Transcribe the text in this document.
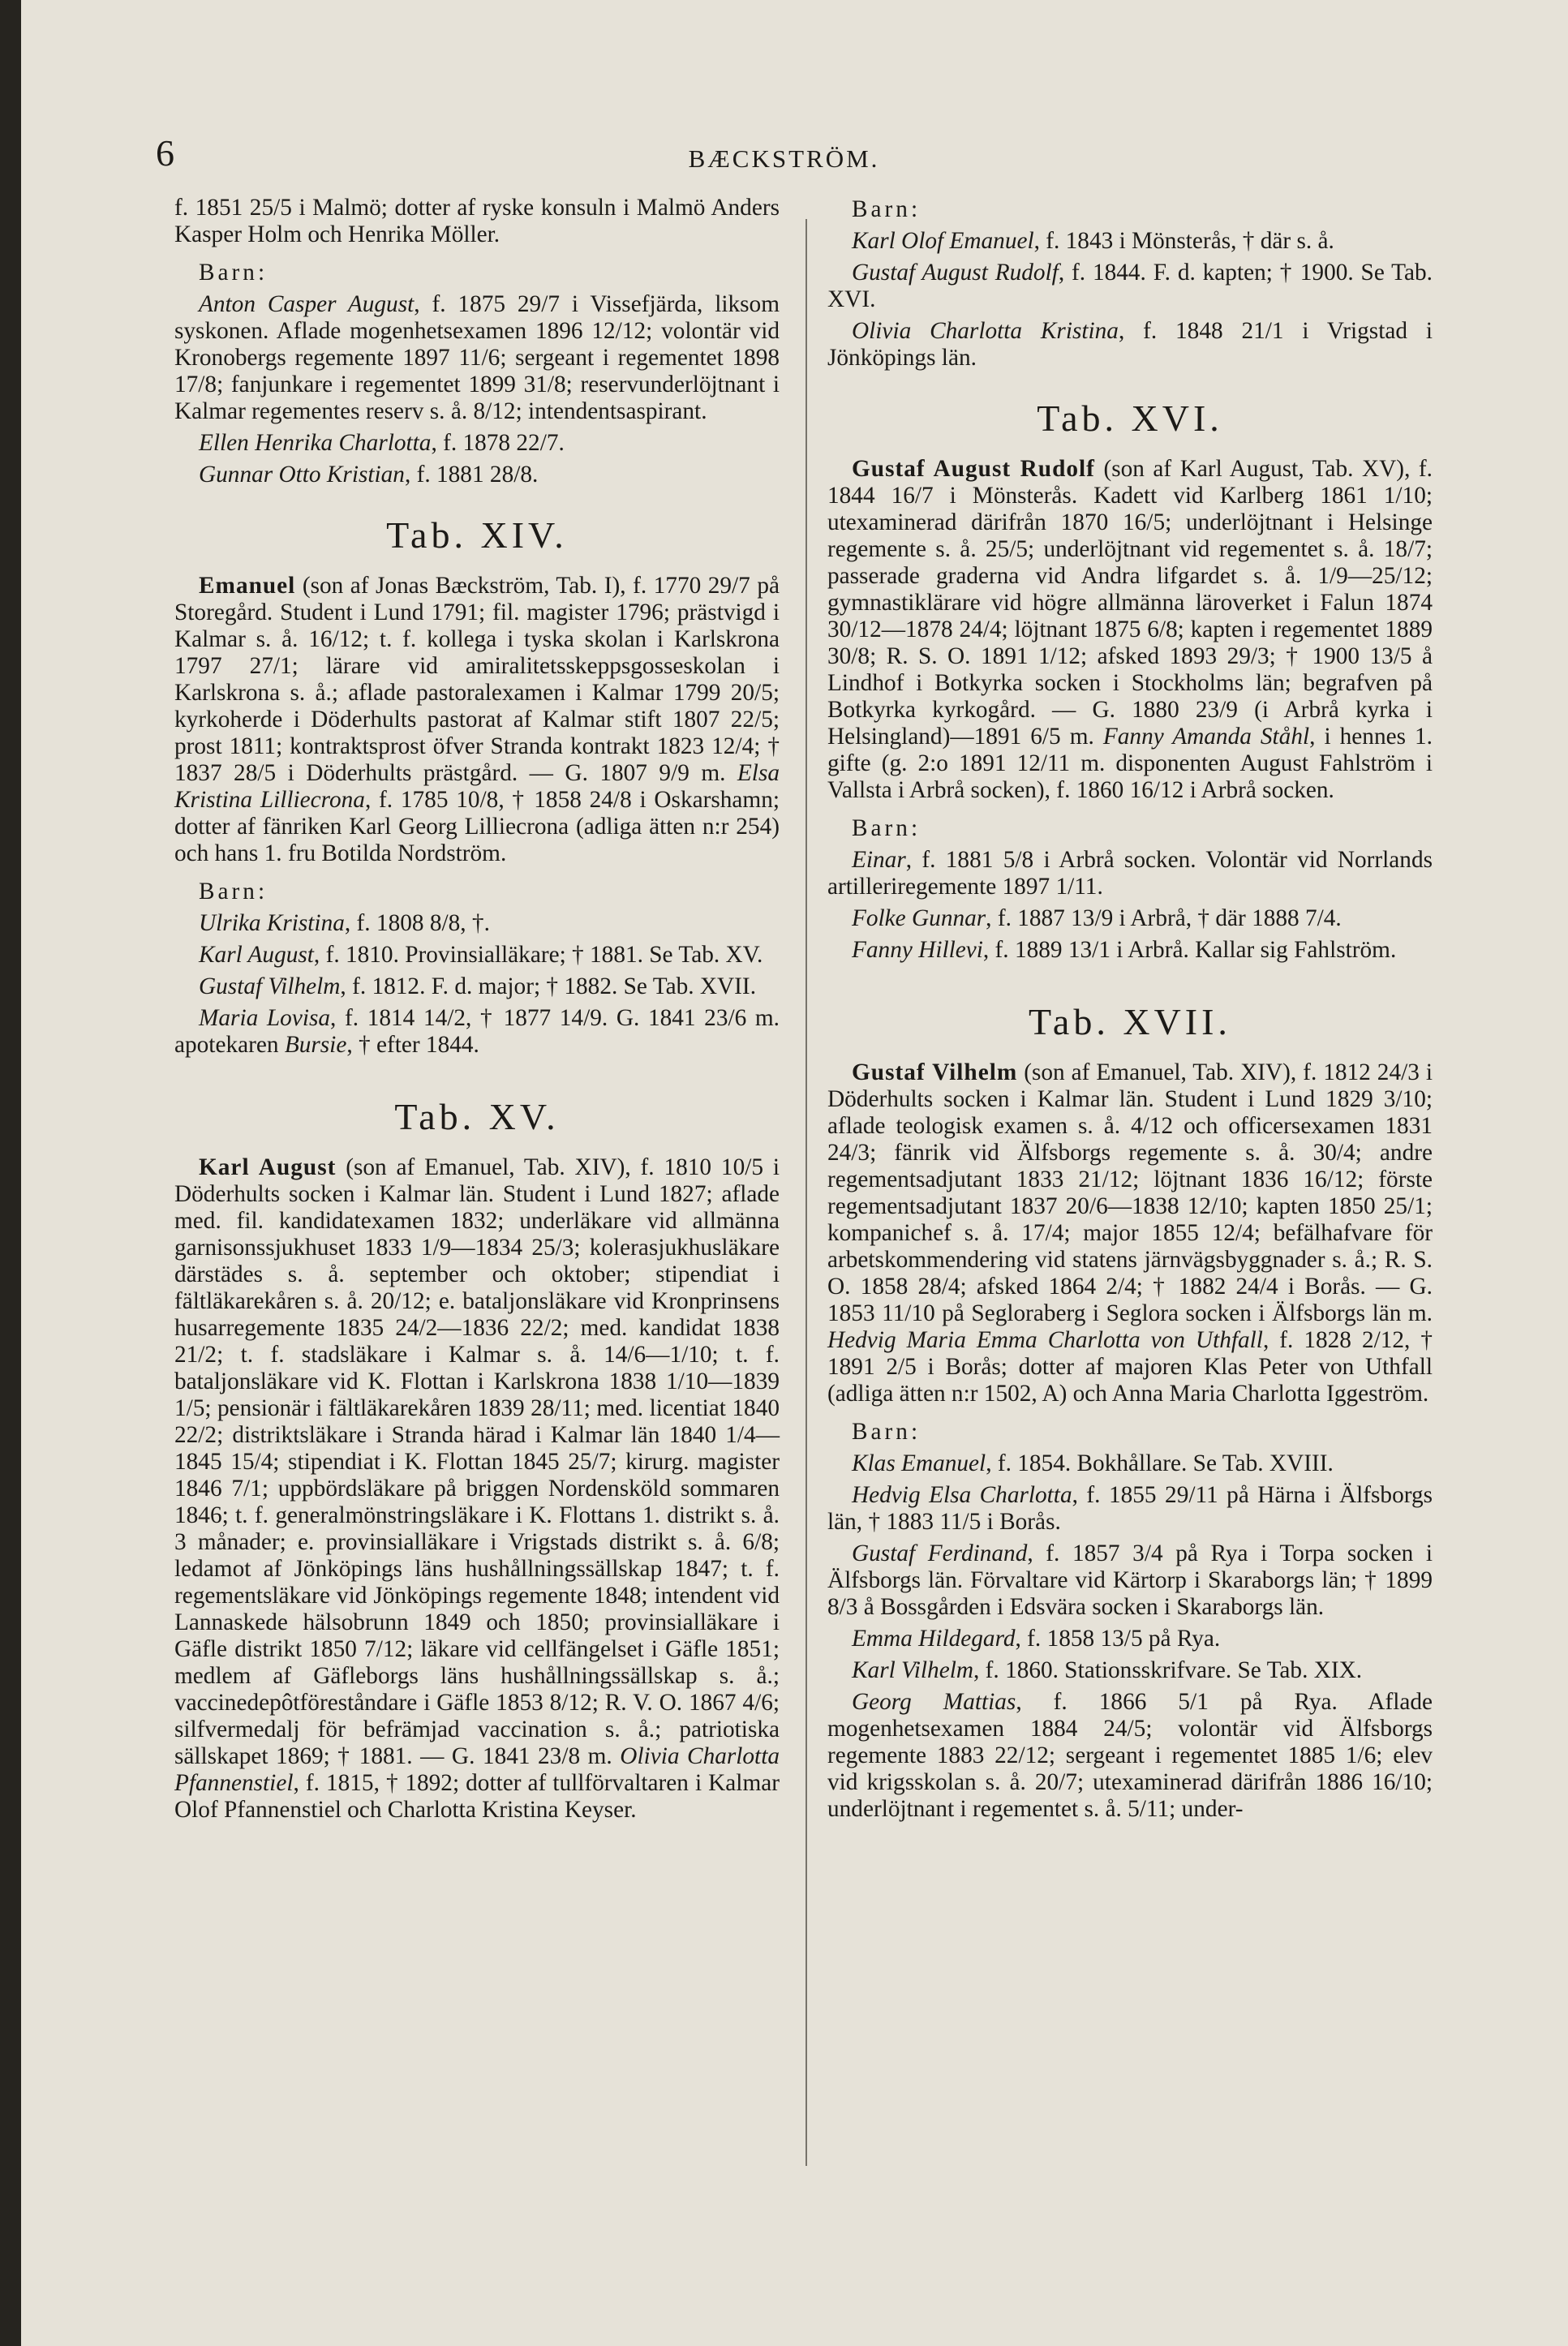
6	BÆCKSTRÖM.

f. 1851 25/5 i Malmö; dotter af ryske konsuln i Malmö Anders Kasper Holm och Henrika Möller.

Barn:

Anton Casper August, f. 1875 29/7 i Vissefjärda, liksom syskonen. Aflade mogenhetsexamen 1896 12/12; volontär vid Kronobergs regemente 1897 11/6; sergeant i regementet 1898 17/8; fanjunkare i regementet 1899 31/8; reservunderlöjtnant i Kalmar regementes reserv s. å. 8/12; intendentsaspirant.

Ellen Henrika Charlotta, f. 1878 22/7.

Gunnar Otto Kristian, f. 1881 28/8.

Tab. XIV.

Emanuel (son af Jonas Bæckström, Tab. I), f. 1770 29/7 på Storegård. Student i Lund 1791; fil. magister 1796; prästvigd i Kalmar s. å. 16/12; t. f. kollega i tyska skolan i Karlskrona 1797 27/1; lärare vid amiralitetsskeppsgosseskolan i Karlskrona s. å.; aflade pastoralexamen i Kalmar 1799 20/5; kyrkoherde i Döderhults pastorat af Kalmar stift 1807 22/5; prost 1811; kontraktsprost öfver Stranda kontrakt 1823 12/4; † 1837 28/5 i Döderhults prästgård. — G. 1807 9/9 m. Elsa Kristina Lilliecrona, f. 1785 10/8, † 1858 24/8 i Oskarshamn; dotter af fänriken Karl Georg Lilliecrona (adliga ätten n:r 254) och hans 1. fru Botilda Nordström.

Barn:

Ulrika Kristina, f. 1808 8/8, †.

Karl August, f. 1810. Provinsialläkare; † 1881. Se Tab. XV.

Gustaf Vilhelm, f. 1812. F. d. major; † 1882. Se Tab. XVII.

Maria Lovisa, f. 1814 14/2, † 1877 14/9. G. 1841 23/6 m. apotekaren Bursie, † efter 1844.

Tab. XV.

Karl August (son af Emanuel, Tab. XIV), f. 1810 10/5 i Döderhults socken i Kalmar län. Student i Lund 1827; aflade med. fil. kandidatexamen 1832; underläkare vid allmänna garnisonssjukhuset 1833 1/9—1834 25/3; kolerasjukhusläkare därstädes s. å. september och oktober; stipendiat i fältläkarekåren s. å. 20/12; e. bataljonsläkare vid Kronprinsens husarregemente 1835 24/2—1836 22/2; med. kandidat 1838 21/2; t. f. stadsläkare i Kalmar s. å. 14/6—1/10; t. f. bataljonsläkare vid K. Flottan i Karlskrona 1838 1/10—1839 1/5; pensionär i fältläkarekåren 1839 28/11; med. licentiat 1840 22/2; distriktsläkare i Stranda härad i Kalmar län 1840 1/4—1845 15/4; stipendiat i K. Flottan 1845 25/7; kirurg. magister 1846 7/1; uppbördsläkare på briggen Nordensköld sommaren 1846; t. f. generalmönstringsläkare i K. Flottans 1. distrikt s. å. 3 månader; e. provinsialläkare i Vrigstads distrikt s. å. 6/8; ledamot af Jönköpings läns hushållningssällskap 1847; t. f. regementsläkare vid Jönköpings regemente 1848; intendent vid Lannaskede hälsobrunn 1849 och 1850; provinsialläkare i Gäfle distrikt 1850 7/12; läkare vid cellfängelset i Gäfle 1851; medlem af Gäfleborgs läns hushållningssällskap s. å.; vaccinedepôtföreståndare i Gäfle 1853 8/12; R. V. O. 1867 4/6; silfvermedalj för befrämjad vaccination s. å.; patriotiska sällskapet 1869; † 1881. — G. 1841 23/8 m. Olivia Charlotta Pfannenstiel, f. 1815, † 1892; dotter af tullförvaltaren i Kalmar Olof Pfannenstiel och Charlotta Kristina Keyser.

Barn:

Karl Olof Emanuel, f. 1843 i Mönsterås, † där s. å.

Gustaf August Rudolf, f. 1844. F. d. kapten; † 1900. Se Tab. XVI.

Olivia Charlotta Kristina, f. 1848 21/1 i Vrigstad i Jönköpings län.

Tab. XVI.

Gustaf August Rudolf (son af Karl August, Tab. XV), f. 1844 16/7 i Mönsterås. Kadett vid Karlberg 1861 1/10; utexaminerad därifrån 1870 16/5; underlöjtnant i Helsinge regemente s. å. 25/5; underlöjtnant vid regementet s. å. 18/7; passerade graderna vid Andra lifgardet s. å. 1/9—25/12; gymnastiklärare vid högre allmänna läroverket i Falun 1874 30/12—1878 24/4; löjtnant 1875 6/8; kapten i regementet 1889 30/8; R. S. O. 1891 1/12; afsked 1893 29/3; † 1900 13/5 å Lindhof i Botkyrka socken i Stockholms län; begrafven på Botkyrka kyrkogård. — G. 1880 23/9 (i Arbrå kyrka i Helsingland)—1891 6/5 m. Fanny Amanda Ståhl, i hennes 1. gifte (g. 2:o 1891 12/11 m. disponenten August Fahlström i Vallsta i Arbrå socken), f. 1860 16/12 i Arbrå socken.

Barn:

Einar, f. 1881 5/8 i Arbrå socken. Volontär vid Norrlands artilleriregemente 1897 1/11.

Folke Gunnar, f. 1887 13/9 i Arbrå, † där 1888 7/4.

Fanny Hillevi, f. 1889 13/1 i Arbrå. Kallar sig Fahlström.

Tab. XVII.

Gustaf Vilhelm (son af Emanuel, Tab. XIV), f. 1812 24/3 i Döderhults socken i Kalmar län. Student i Lund 1829 3/10; aflade teologisk examen s. å. 4/12 och officersexamen 1831 24/3; fänrik vid Älfsborgs regemente s. å. 30/4; andre regementsadjutant 1833 21/12; löjtnant 1836 16/12; förste regementsadjutant 1837 20/6—1838 12/10; kapten 1850 25/1; kompanichef s. å. 17/4; major 1855 12/4; befälhafvare för arbetskommendering vid statens järnvägsbyggnader s. å.; R. S. O. 1858 28/4; afsked 1864 2/4; † 1882 24/4 i Borås. — G. 1853 11/10 på Segloraberg i Seglora socken i Älfsborgs län m. Hedvig Maria Emma Charlotta von Uthfall, f. 1828 2/12, † 1891 2/5 i Borås; dotter af majoren Klas Peter von Uthfall (adliga ätten n:r 1502, A) och Anna Maria Charlotta Iggeström.

Barn:

Klas Emanuel, f. 1854. Bokhållare. Se Tab. XVIII.

Hedvig Elsa Charlotta, f. 1855 29/11 på Härna i Älfsborgs län, † 1883 11/5 i Borås.

Gustaf Ferdinand, f. 1857 3/4 på Rya i Torpa socken i Älfsborgs län. Förvaltare vid Kärtorp i Skaraborgs län; † 1899 8/3 å Bossgården i Edsvära socken i Skaraborgs län.

Emma Hildegard, f. 1858 13/5 på Rya.

Karl Vilhelm, f. 1860. Stationsskrifvare. Se Tab. XIX.

Georg Mattias, f. 1866 5/1 på Rya. Aflade mogenhetsexamen 1884 24/5; volontär vid Älfsborgs regemente 1883 22/12; sergeant i regementet 1885 1/6; elev vid krigsskolan s. å. 20/7; utexaminerad därifrån 1886 16/10; underlöjtnant i regementet s. å. 5/11; under-
